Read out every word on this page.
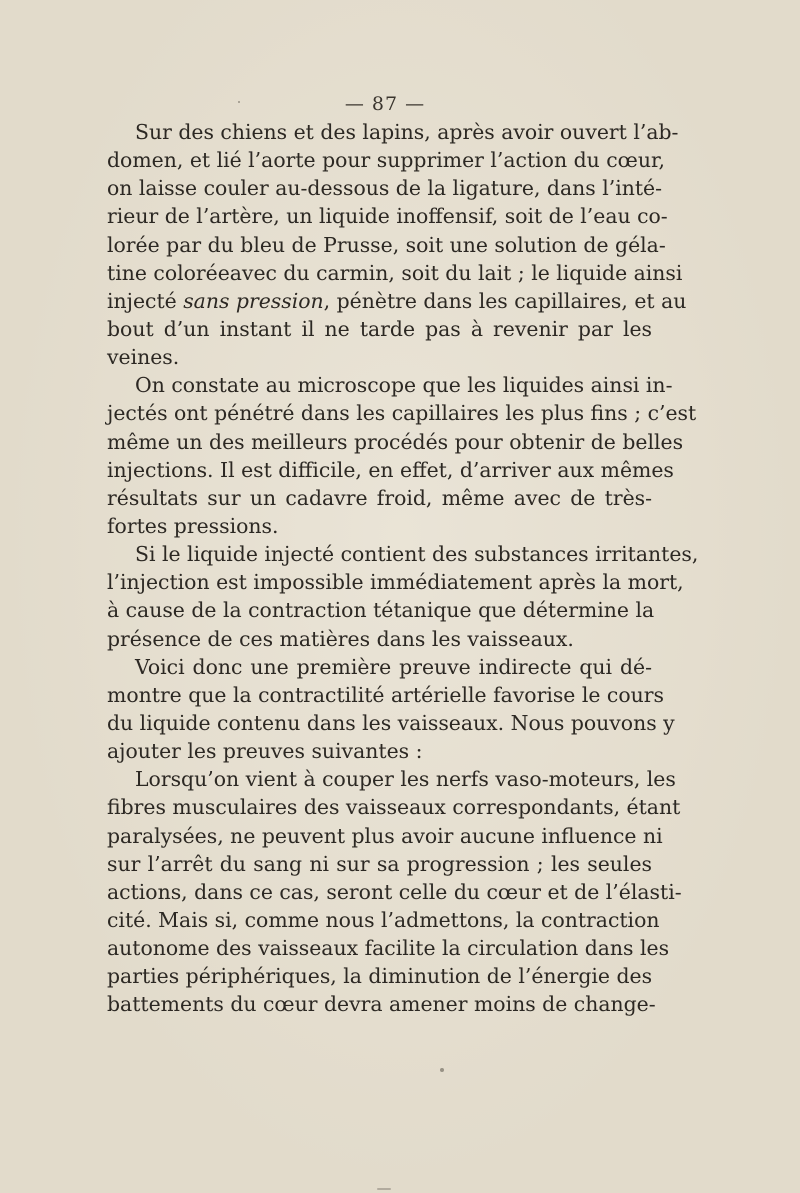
— 87 —
Sur des chiens et des lapins, après avoir ouvert l’ab-
domen, et lié l’aorte pour supprimer l’action du cœur,
on laisse couler au-dessous de la ligature, dans l’inté-
rieur de l’artère, un liquide inoffensif, soit de l’eau co-
lorée par du bleu de Prusse, soit une solution de géla-
tine coloréeavec du carmin, soit du lait ; le liquide ainsi
injecté sans pression, pénètre dans les capillaires, et au
bout d’un instant il ne tarde pas à revenir par les
veines.
On constate au microscope que les liquides ainsi in-
jectés ont pénétré dans les capillaires les plus fins ; c’est
même un des meilleurs procédés pour obtenir de belles
injections. Il est difficile, en effet, d’arriver aux mêmes
résultats sur un cadavre froid, même avec de très-
fortes pressions.
Si le liquide injecté contient des substances irritantes,
l’injection est impossible immédiatement après la mort,
à cause de la contraction tétanique que détermine la
présence de ces matières dans les vaisseaux.
Voici donc une première preuve indirecte qui dé-
montre que la contractilité artérielle favorise le cours
du liquide contenu dans les vaisseaux. Nous pouvons y
ajouter les preuves suivantes :
Lorsqu’on vient à couper les nerfs vaso-moteurs, les
fibres musculaires des vaisseaux correspondants, étant
paralysées, ne peuvent plus avoir aucune influence ni
sur l’arrêt du sang ni sur sa progression ; les seules
actions, dans ce cas, seront celle du cœur et de l’élasti-
cité. Mais si, comme nous l’admettons, la contraction
autonome des vaisseaux facilite la circulation dans les
parties périphériques, la diminution de l’énergie des
battements du cœur devra amener moins de change-
